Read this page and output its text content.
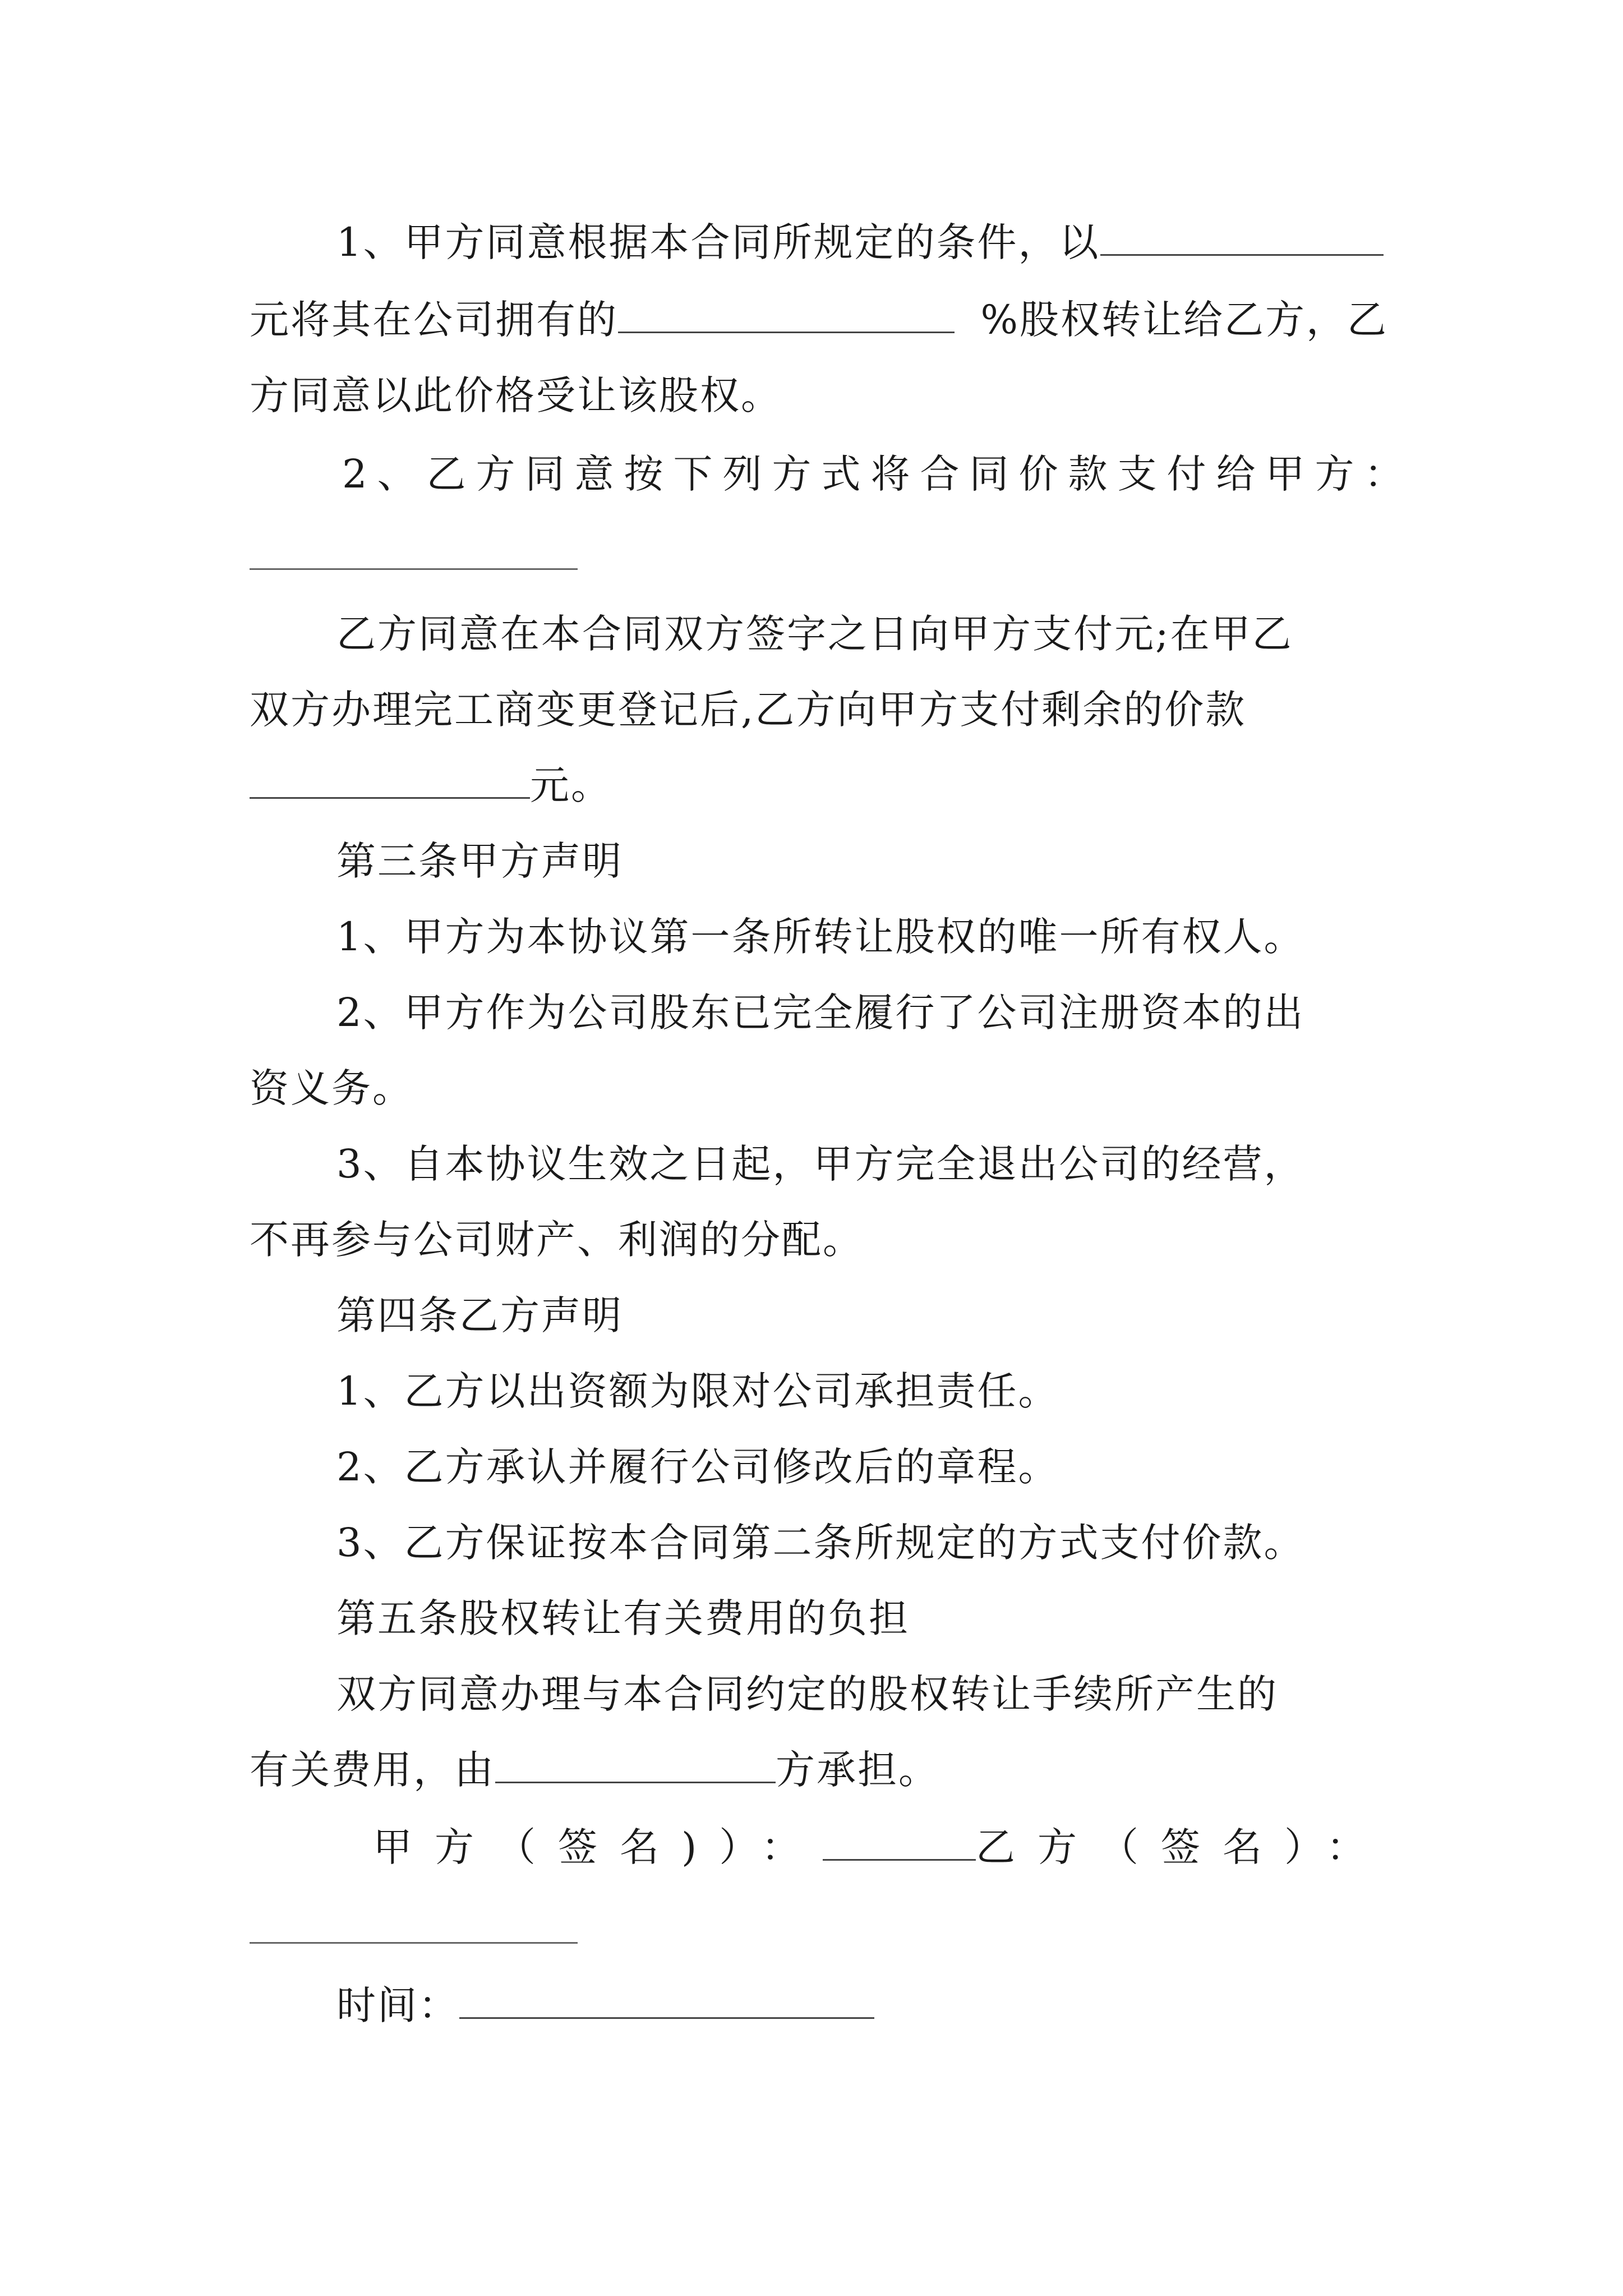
1、甲方同意根据本合同所规定的条件，以
元将其在公司拥有的	%股权转让给乙方，乙
方同意以此价格受让该股权。
2、乙方同意按下列方式将合同价款支付给甲方：
乙方同意在本合同双方签字之日向甲方支付元;在甲乙
双方办理完工商变更登记后,乙方向甲方支付剩余的价款
元。
第三条甲方声明
1、甲方为本协议第一条所转让股权的唯一所有权人。
2、甲方作为公司股东已完全履行了公司注册资本的出
资义务。
3、自本协议生效之日起，甲方完全退出公司的经营，
不再参与公司财产、利润的分配。
第四条乙方声明
1、乙方以出资额为限对公司承担责任。
2、乙方承认并履行公司修改后的章程。
3、乙方保证按本合同第二条所规定的方式支付价款。
第五条股权转让有关费用的负担
双方同意办理与本合同约定的股权转让手续所产生的
有关费用，由	方承担。
甲方（签名)）：	乙方（签名）：
时间：
